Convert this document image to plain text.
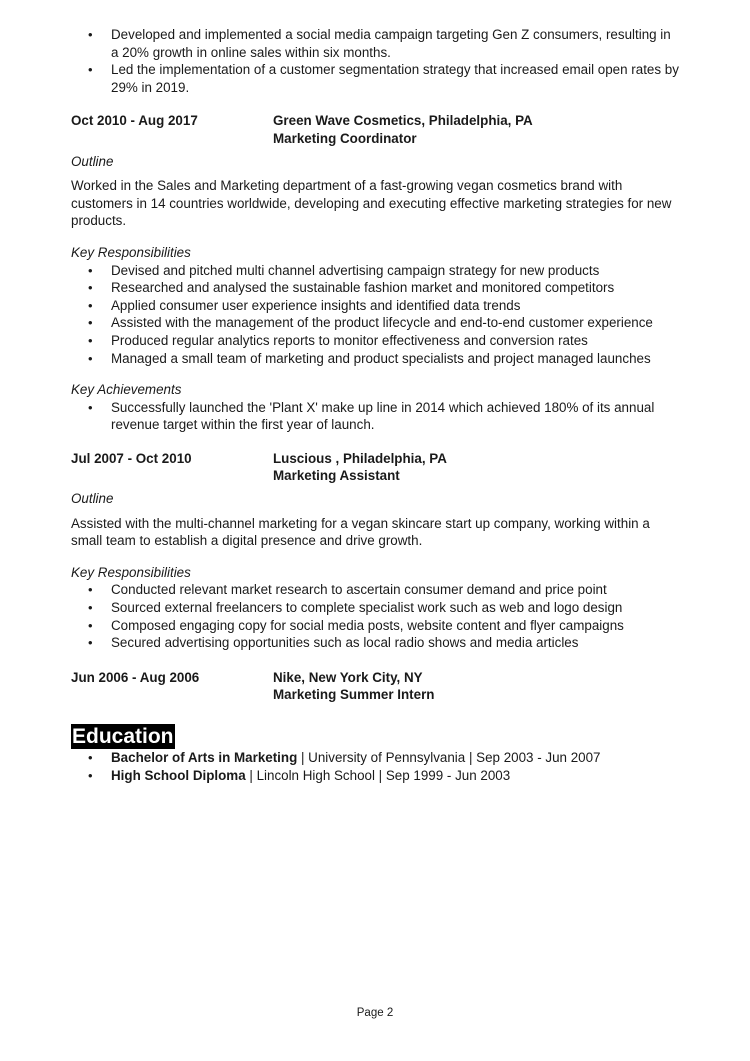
• Developed and implemented a social media campaign targeting Gen Z consumers, resulting in a 20% growth in online sales within six months.
• Led the implementation of a customer segmentation strategy that increased email open rates by 29% in 2019.
Oct 2010 - Aug 2017	Green Wave Cosmetics, Philadelphia, PA
Marketing Coordinator
Outline
Worked in the Sales and Marketing department of a fast-growing vegan cosmetics brand with customers in 14 countries worldwide, developing and executing effective marketing strategies for new products.
Key Responsibilities
• Devised and pitched multi channel advertising campaign strategy for new products
• Researched and analysed the sustainable fashion market and monitored competitors
• Applied consumer user experience insights and identified data trends
• Assisted with the management of the product lifecycle and end-to-end customer experience
• Produced regular analytics reports to monitor effectiveness and conversion rates
• Managed a small team of marketing and product specialists and project managed launches
Key Achievements
• Successfully launched the 'Plant X' make up line in 2014 which achieved 180% of its annual revenue target within the first year of launch.
Jul 2007 - Oct 2010	Luscious , Philadelphia, PA
Marketing Assistant
Outline
Assisted with the multi-channel marketing for a vegan skincare start up company, working within a small team to establish a digital presence and drive growth.
Key Responsibilities
• Conducted relevant market research to ascertain consumer demand and price point
• Sourced external freelancers to complete specialist work such as web and logo design
• Composed engaging copy for social media posts, website content and flyer campaigns
• Secured advertising opportunities such as local radio shows and media articles
Jun 2006 - Aug 2006	Nike, New York City, NY
Marketing Summer Intern
Education
• Bachelor of Arts in Marketing | University of Pennsylvania | Sep 2003 - Jun 2007
• High School Diploma | Lincoln High School | Sep 1999 - Jun 2003
Page 2
